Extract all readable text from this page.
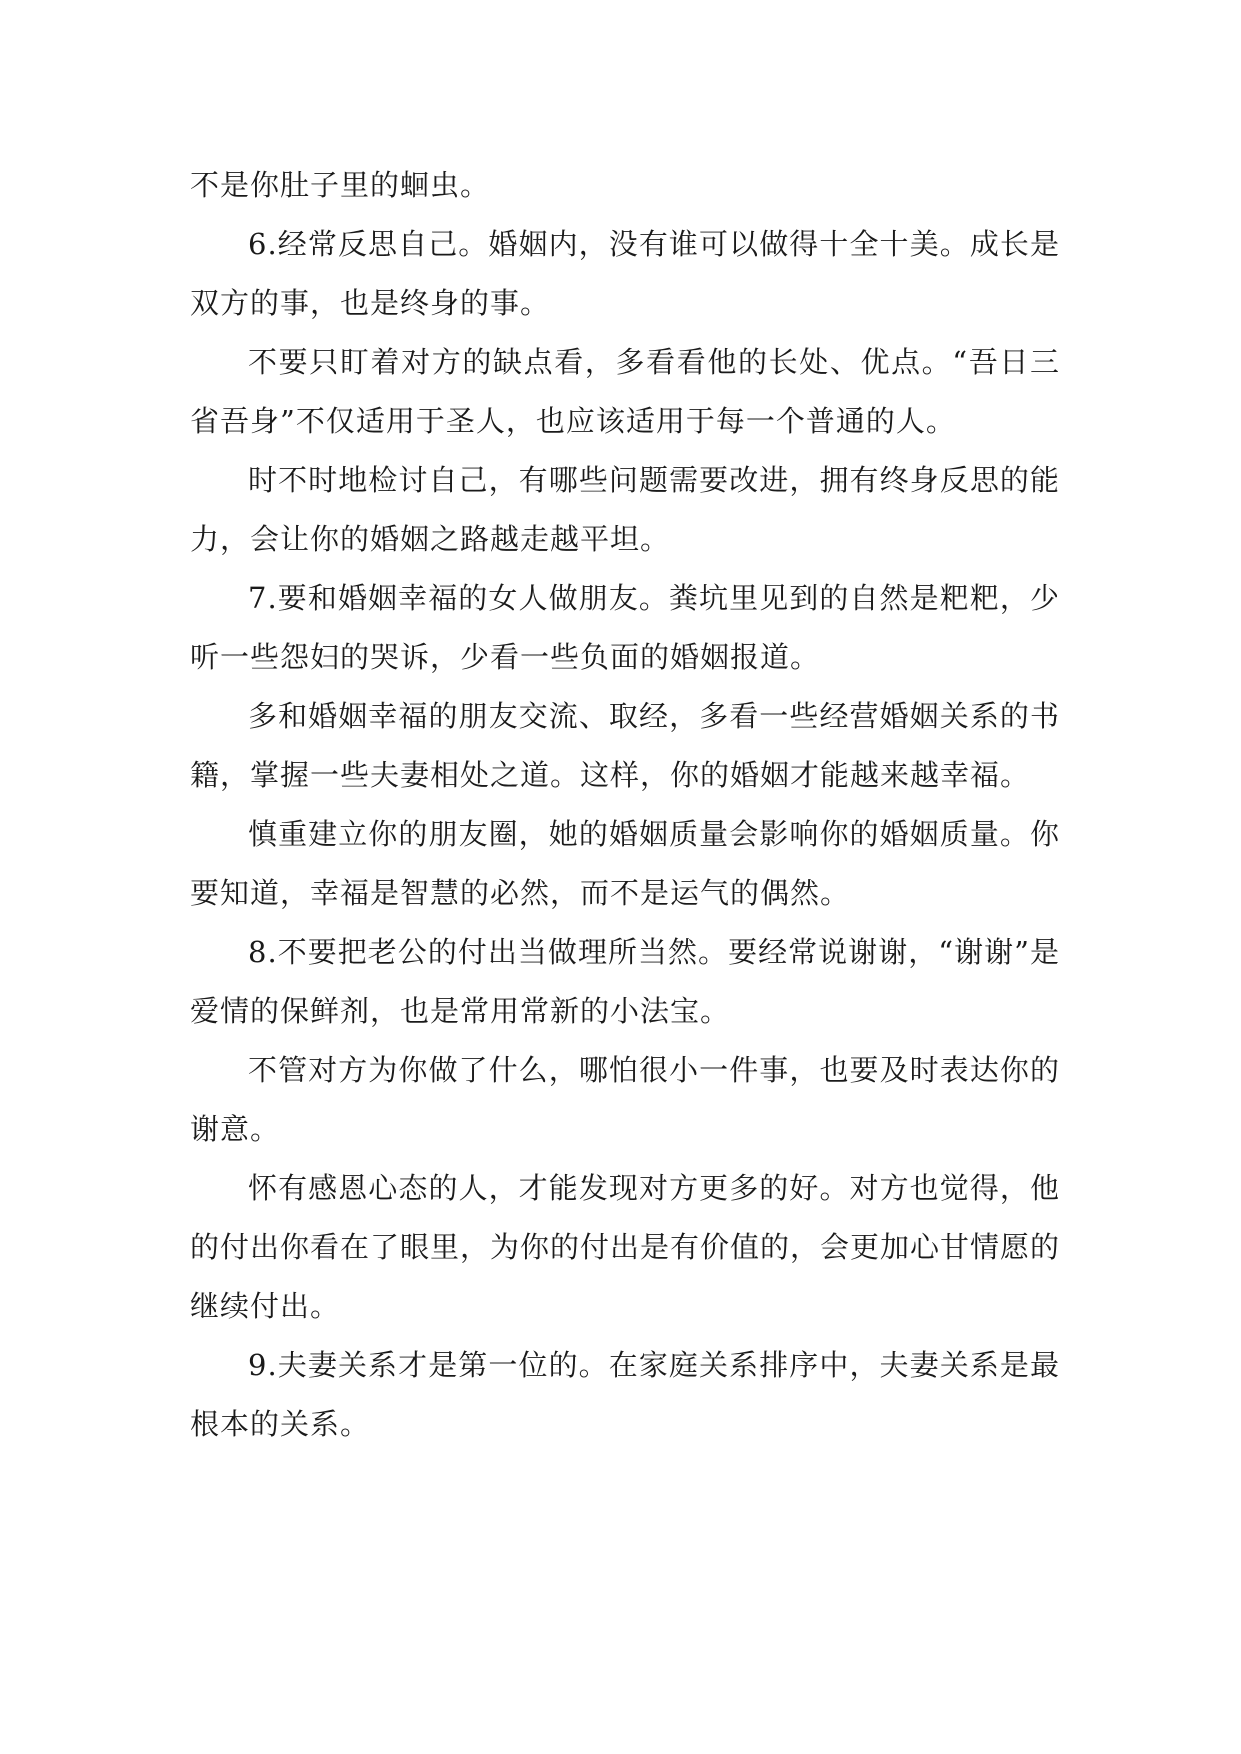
不是你肚子里的蛔虫。

6.经常反思自己。婚姻内，没有谁可以做得十全十美。成长是双方的事，也是终身的事。

不要只盯着对方的缺点看，多看看他的长处、优点。“吾日三省吾身”不仅适用于圣人，也应该适用于每一个普通的人。

时不时地检讨自己，有哪些问题需要改进，拥有终身反思的能力，会让你的婚姻之路越走越平坦。

7.要和婚姻幸福的女人做朋友。粪坑里见到的自然是粑粑，少听一些怨妇的哭诉，少看一些负面的婚姻报道。

多和婚姻幸福的朋友交流、取经，多看一些经营婚姻关系的书籍，掌握一些夫妻相处之道。这样，你的婚姻才能越来越幸福。

慎重建立你的朋友圈，她的婚姻质量会影响你的婚姻质量。你要知道，幸福是智慧的必然，而不是运气的偶然。

8.不要把老公的付出当做理所当然。要经常说谢谢，“谢谢”是爱情的保鲜剂，也是常用常新的小法宝。

不管对方为你做了什么，哪怕很小一件事，也要及时表达你的谢意。

怀有感恩心态的人，才能发现对方更多的好。对方也觉得，他的付出你看在了眼里，为你的付出是有价值的，会更加心甘情愿的继续付出。

9.夫妻关系才是第一位的。在家庭关系排序中，夫妻关系是最根本的关系。
